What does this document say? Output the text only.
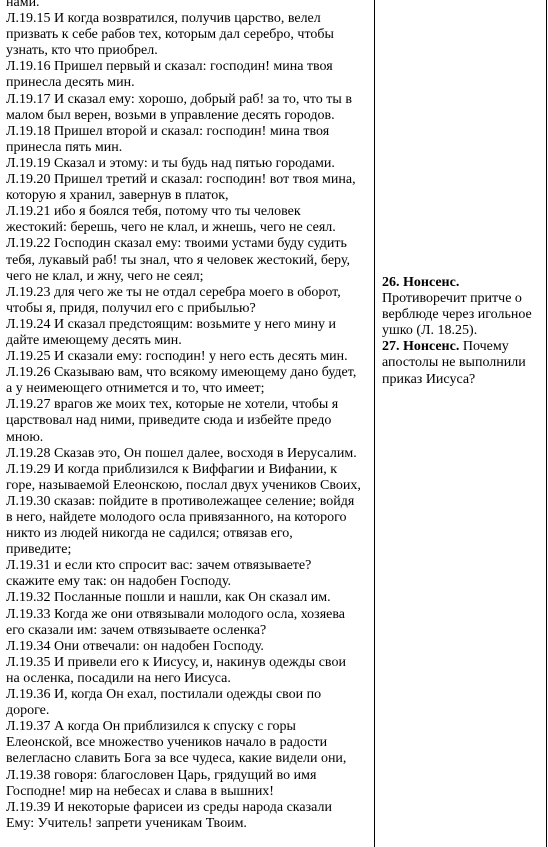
нами.
Л.19.15 И когда возвратился, получив царство, велел
призвать к себе рабов тех, которым дал серебро, чтобы
узнать, кто что приобрел.
Л.19.16 Пришел первый и сказал: господин! мина твоя
принесла десять мин.
Л.19.17 И сказал ему: хорошо, добрый раб! за то, что ты в
малом был верен, возьми в управление десять городов.
Л.19.18 Пришел второй и сказал: господин! мина твоя
принесла пять мин.
Л.19.19 Сказал и этому: и ты будь над пятью городами.
Л.19.20 Пришел третий и сказал: господин! вот твоя мина,
которую я хранил, завернув в платок,
Л.19.21 ибо я боялся тебя, потому что ты человек
жестокий: берешь, чего не клал, и жнешь, чего не сеял.
Л.19.22 Господин сказал ему: твоими устами буду судить
тебя, лукавый раб! ты знал, что я человек жестокий, беру,
чего не клал, и жну, чего не сеял;
Л.19.23 для чего же ты не отдал серебра моего в оборот,
чтобы я, придя, получил его с прибылью?
Л.19.24 И сказал предстоящим: возьмите у него мину и
дайте имеющему десять мин.
Л.19.25 И сказали ему: господин! у него есть десять мин.
Л.19.26 Сказываю вам, что всякому имеющему дано будет,
а у неимеющего отнимется и то, что имеет;
Л.19.27 врагов же моих тех, которые не хотели, чтобы я
царствовал над ними, приведите сюда и избейте предо
мною.
Л.19.28 Сказав это, Он пошел далее, восходя в Иерусалим.
Л.19.29 И когда приблизился к Виффагии и Вифании, к
горе, называемой Елеонскою, послал двух учеников Своих,
Л.19.30 сказав: пойдите в противолежащее селение; войдя
в него, найдете молодого осла привязанного, на которого
никто из людей никогда не садился; отвязав его,
приведите;
Л.19.31 и если кто спросит вас: зачем отвязываете?
скажите ему так: он надобен Господу.
Л.19.32 Посланные пошли и нашли, как Он сказал им.
Л.19.33 Когда же они отвязывали молодого осла, хозяева
его сказали им: зачем отвязываете осленка?
Л.19.34 Они отвечали: он надобен Господу.
Л.19.35 И привели его к Иисусу, и, накинув одежды свои
на осленка, посадили на него Иисуса.
Л.19.36 И, когда Он ехал, постилали одежды свои по
дороге.
Л.19.37 А когда Он приблизился к спуску с горы
Елеонской, все множество учеников начало в радости
велегласно славить Бога за все чудеса, какие видели они,
Л.19.38 говоря: благословен Царь, грядущий во имя
Господне! мир на небесах и слава в вышних!
Л.19.39 И некоторые фарисеи из среды народа сказали
Ему: Учитель! запрети ученикам Твоим.
26. Нонсенс.
Противоречит притче о
верблюде через игольное
ушко (Л. 18.25).
27. Нонсенс. Почему
апостолы не выполнили
приказ Иисуса?
